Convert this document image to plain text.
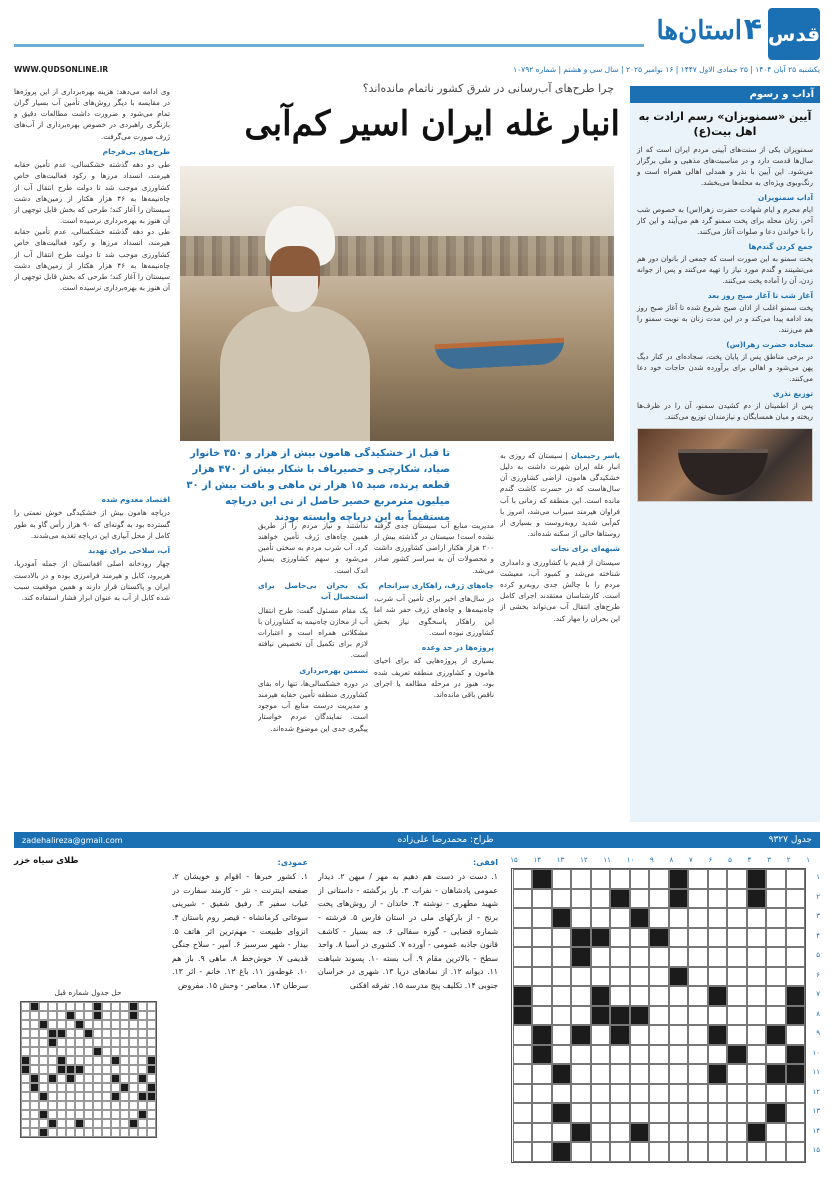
قدس
۴
استان‌ها
یکشنبه ۲۵ آبان ۱۴۰۴ | ۲۵ جمادی الاول ۱۴۴۷ | ۱۶ نوامبر ۲۰۲۵ | سال سی و هشتم | شماره ۱۰۷۹۲
WWW.QUDSONLINE.IR
آداب و رسوم
آیین «سمنویزان» رسم ارادت به اهل بیت(ع)

سمنوپزان یکی از سنت‌های آیینی مردم ایران است که از سال‌ها قدمت دارد و در مناسبت‌های مذهبی و ملی برگزار می‌شود. این آیین با نذر و همدلی اهالی همراه است و رنگ‌وبوی ویژه‌ای به محله‌ها می‌بخشد.

آداب سمنوپزان

ایام محرم و ایام شهادت حضرت زهرا(س) به خصوص شب آخر، زنان محله برای پخت سمنو گرد هم می‌آیند و این کار را با خواندن دعا و صلوات آغاز می‌کنند.

جمع کردن گندم‌ها

پخت سمنو به این صورت است که جمعی از بانوان دور هم می‌نشینند و گندم مورد نیاز را تهیه می‌کنند و پس از جوانه زدن، آن را آماده پخت می‌کنند.

آغاز شب تا آغاز صبح روز بعد

پخت سمنو اغلب از اذان صبح شروع شده تا آغاز صبح روز بعد ادامه پیدا می‌کند و در این مدت زنان به نوبت سمنو را هم می‌زنند.

سجاده حضرت زهرا(س)

در برخی مناطق پس از پایان پخت، سجاده‌ای در کنار دیگ پهن می‌شود و اهالی برای برآورده شدن حاجات خود دعا می‌کنند.

توزیع نذری

پس از اطمینان از دم کشیدن سمنو، آن را در ظرف‌ها ریخته و میان همسایگان و نیازمندان توزیع می‌کنند.

چرا طرح‌های آب‌رسانی در شرق کشور ناتمام مانده‌اند؟
انبار غله ایران اسیر کم‌آبی

وی ادامه می‌دهد: هزینه بهره‌برداری از این پروژه‌ها در مقایسه با دیگر روش‌های تأمین آب بسیار گران تمام می‌شود و ضرورت داشت مطالعات دقیق و بازنگری راهبردی در خصوص بهره‌برداری از آب‌های ژرف صورت می‌گرفت.

طرح‌های بی‌فرجام

طی دو دهه گذشته خشکسالی، عدم تأمین حقابه هیرمند، انسداد مرزها و رکود فعالیت‌های خاص کشاورزی موجب شد تا دولت طرح انتقال آب از چاه‌نیمه‌ها به ۴۶ هزار هکتار از زمین‌های دشت سیستان را آغاز کند؛ طرحی که بخش قابل توجهی از آن هنوز به بهره‌برداری نرسیده است.

طی دو دهه گذشته خشکسالی، عدم تأمین حقابه هیرمند، انسداد مرزها و رکود فعالیت‌های خاص کشاورزی موجب شد تا دولت طرح انتقال آب از چاه‌نیمه‌ها به ۴۶ هزار هکتار از زمین‌های دشت سیستان را آغاز کند؛ طرحی که بخش قابل توجهی از آن هنوز به بهره‌برداری نرسیده است.

تا قبل از خشکیدگی هامون بیش از هزار و ۳۵۰ خانوار صیاد، شکارچی و حصیرباف با شکار بیش از ۴۷۰ هزار قطعه پرنده، صید ۱۵ هزار تن ماهی و بافت بیش از ۳۰ میلیون مترمربع حصیر حاصل از نی این دریاچه مستقیماً به این دریاچه وابسته بودند

یاسر رحیمیان | سیستان که روزی به انبار غله ایران شهرت داشت به دلیل خشکیدگی هامون، اراضی کشاورزی آن سال‌هاست که در حسرت کاشت گندم مانده است. این منطقه که زمانی با آب فراوان هیرمند سیراب می‌شد، امروز با کم‌آبی شدید روبه‌روست و بسیاری از روستاها خالی از سکنه شده‌اند.

شبهه‌ای برای نجات

سیستان از قدیم با کشاورزی و دامداری شناخته می‌شد و کمبود آب، معیشت مردم را با چالش جدی روبه‌رو کرده است. کارشناسان معتقدند اجرای کامل طرح‌های انتقال آب می‌تواند بخشی از این بحران را مهار کند.

مدیریت منابع آب سیستان جدی گرفته نشده است! سیستان در گذشته بیش از ۲۰۰ هزار هکتار اراضی کشاورزی داشت و محصولات آن به سراسر کشور صادر می‌شد.

چاه‌های ژرف، راهکاری سرانجام

در سال‌های اخیر برای تأمین آب شرب، چاه‌نیمه‌ها و چاه‌های ژرف حفر شد اما این راهکار پاسخگوی نیاز بخش کشاورزی نبوده است.

پروژه‌ها در حد وعده

بسیاری از پروژه‌هایی که برای احیای هامون و کشاورزی منطقه تعریف شده بود، هنوز در مرحله مطالعه یا اجرای ناقص باقی مانده‌اند.

نداشتند و نیاز مردم را از طریق همین چاه‌های ژرف تأمین خواهند کرد. آب شرب مردم به سختی تأمین می‌شود و سهم کشاورزی بسیار اندک است.

یک بحران بی‌حاصل برای استحصال آب

یک مقام مسئول گفت: طرح انتقال آب از مخازن چاه‌نیمه به کشاورزان با مشکلاتی همراه است و اعتبارات لازم برای تکمیل آن تخصیص نیافته است.

تضمین بهره‌برداری

در دوره خشکسالی‌ها، تنها راه بقای کشاورزی منطقه تأمین حقابه هیرمند و مدیریت درست منابع آب موجود است. نمایندگان مردم خواستار پیگیری جدی این موضوع شده‌اند.

اقتصاد معدوم شده

دریاچه هامون بیش از خشکیدگی خوش نعمتی را گسترده بود به گونه‌ای که ۹۰ هزار رأس گاو به طور کامل از محل آبیاری این دریاچه تغذیه می‌شدند.

آب، سلاحی برای تهدید

چهار رودخانه اصلی افغانستان از جمله آمودریا، هریرود، کابل و هیرمند فرامرزی بوده و در بالادست ایران و پاکستان قرار دارند و همین موقعیت سبب شده کابل از آب به عنوان ابزار فشار استفاده کند.

جدول ۹۳۲۷
طراح: محمدرضا علی‌زاده
zadehalireza@gmail.com
۱
۲
۳
۴
۵
۶
۷
۸
۹
۱۰
۱۱
۱۲
۱۳
۱۴
۱۵
۱
۲
۳
۴
۵
۶
۷
۸
۹
۱۰
۱۱
۱۲
۱۳
۱۴
۱۵
افقی:

۱. دست در دست هم دهیم به مهر / میهن ۲. دیدار عمومی پادشاهان - نفرات ۳. بار برگشته - داستانی از شهید مطهری - نوشته ۴. خاندان - از روش‌های پخت برنج - از بارکهای ملی در استان فارس ۵. فرشته - شماره قضایی - گوزه سفالی ۶. جه بسیار - کاشف قانون جاذبه عمومی - آورده ۷. کشوری در آسیا ۸. واحد سطح - بالاترین مقام ۹. آب بسته ۱۰. پسوند شباهت ۱۱. دیوانه ۱۲. از نمادهای دریا ۱۳. شهری در خراسان جنوبی ۱۴. تکلیف پنج مدرسه ۱۵. تفرقه افکنی

عمودی:

۱. کشور خبرها - اقوام و خویشان ۲. صفحه اینترنت - نثر - کارمند سفارت در غیاب سفیر ۳. رفیق شفیق - شیرینی سوغاتی کرمانشاه - قیصر روم باستان ۴. انزوای طبیعت - مهم‌ترین اثر هاتف ۵. بیدار - شهر سرسبز ۶. آمپر - سلاح جنگی قدیمی ۷. خوش‌خط ۸. ماهی ۹. باز هم ۱۰. غوطه‌ور ۱۱. باغ ۱۲. خانم - اثر ۱۳. سرطان ۱۴. معاصر - وحش ۱۵. مفروض

طلای سیاه خزر
حل جدول شماره قبل
